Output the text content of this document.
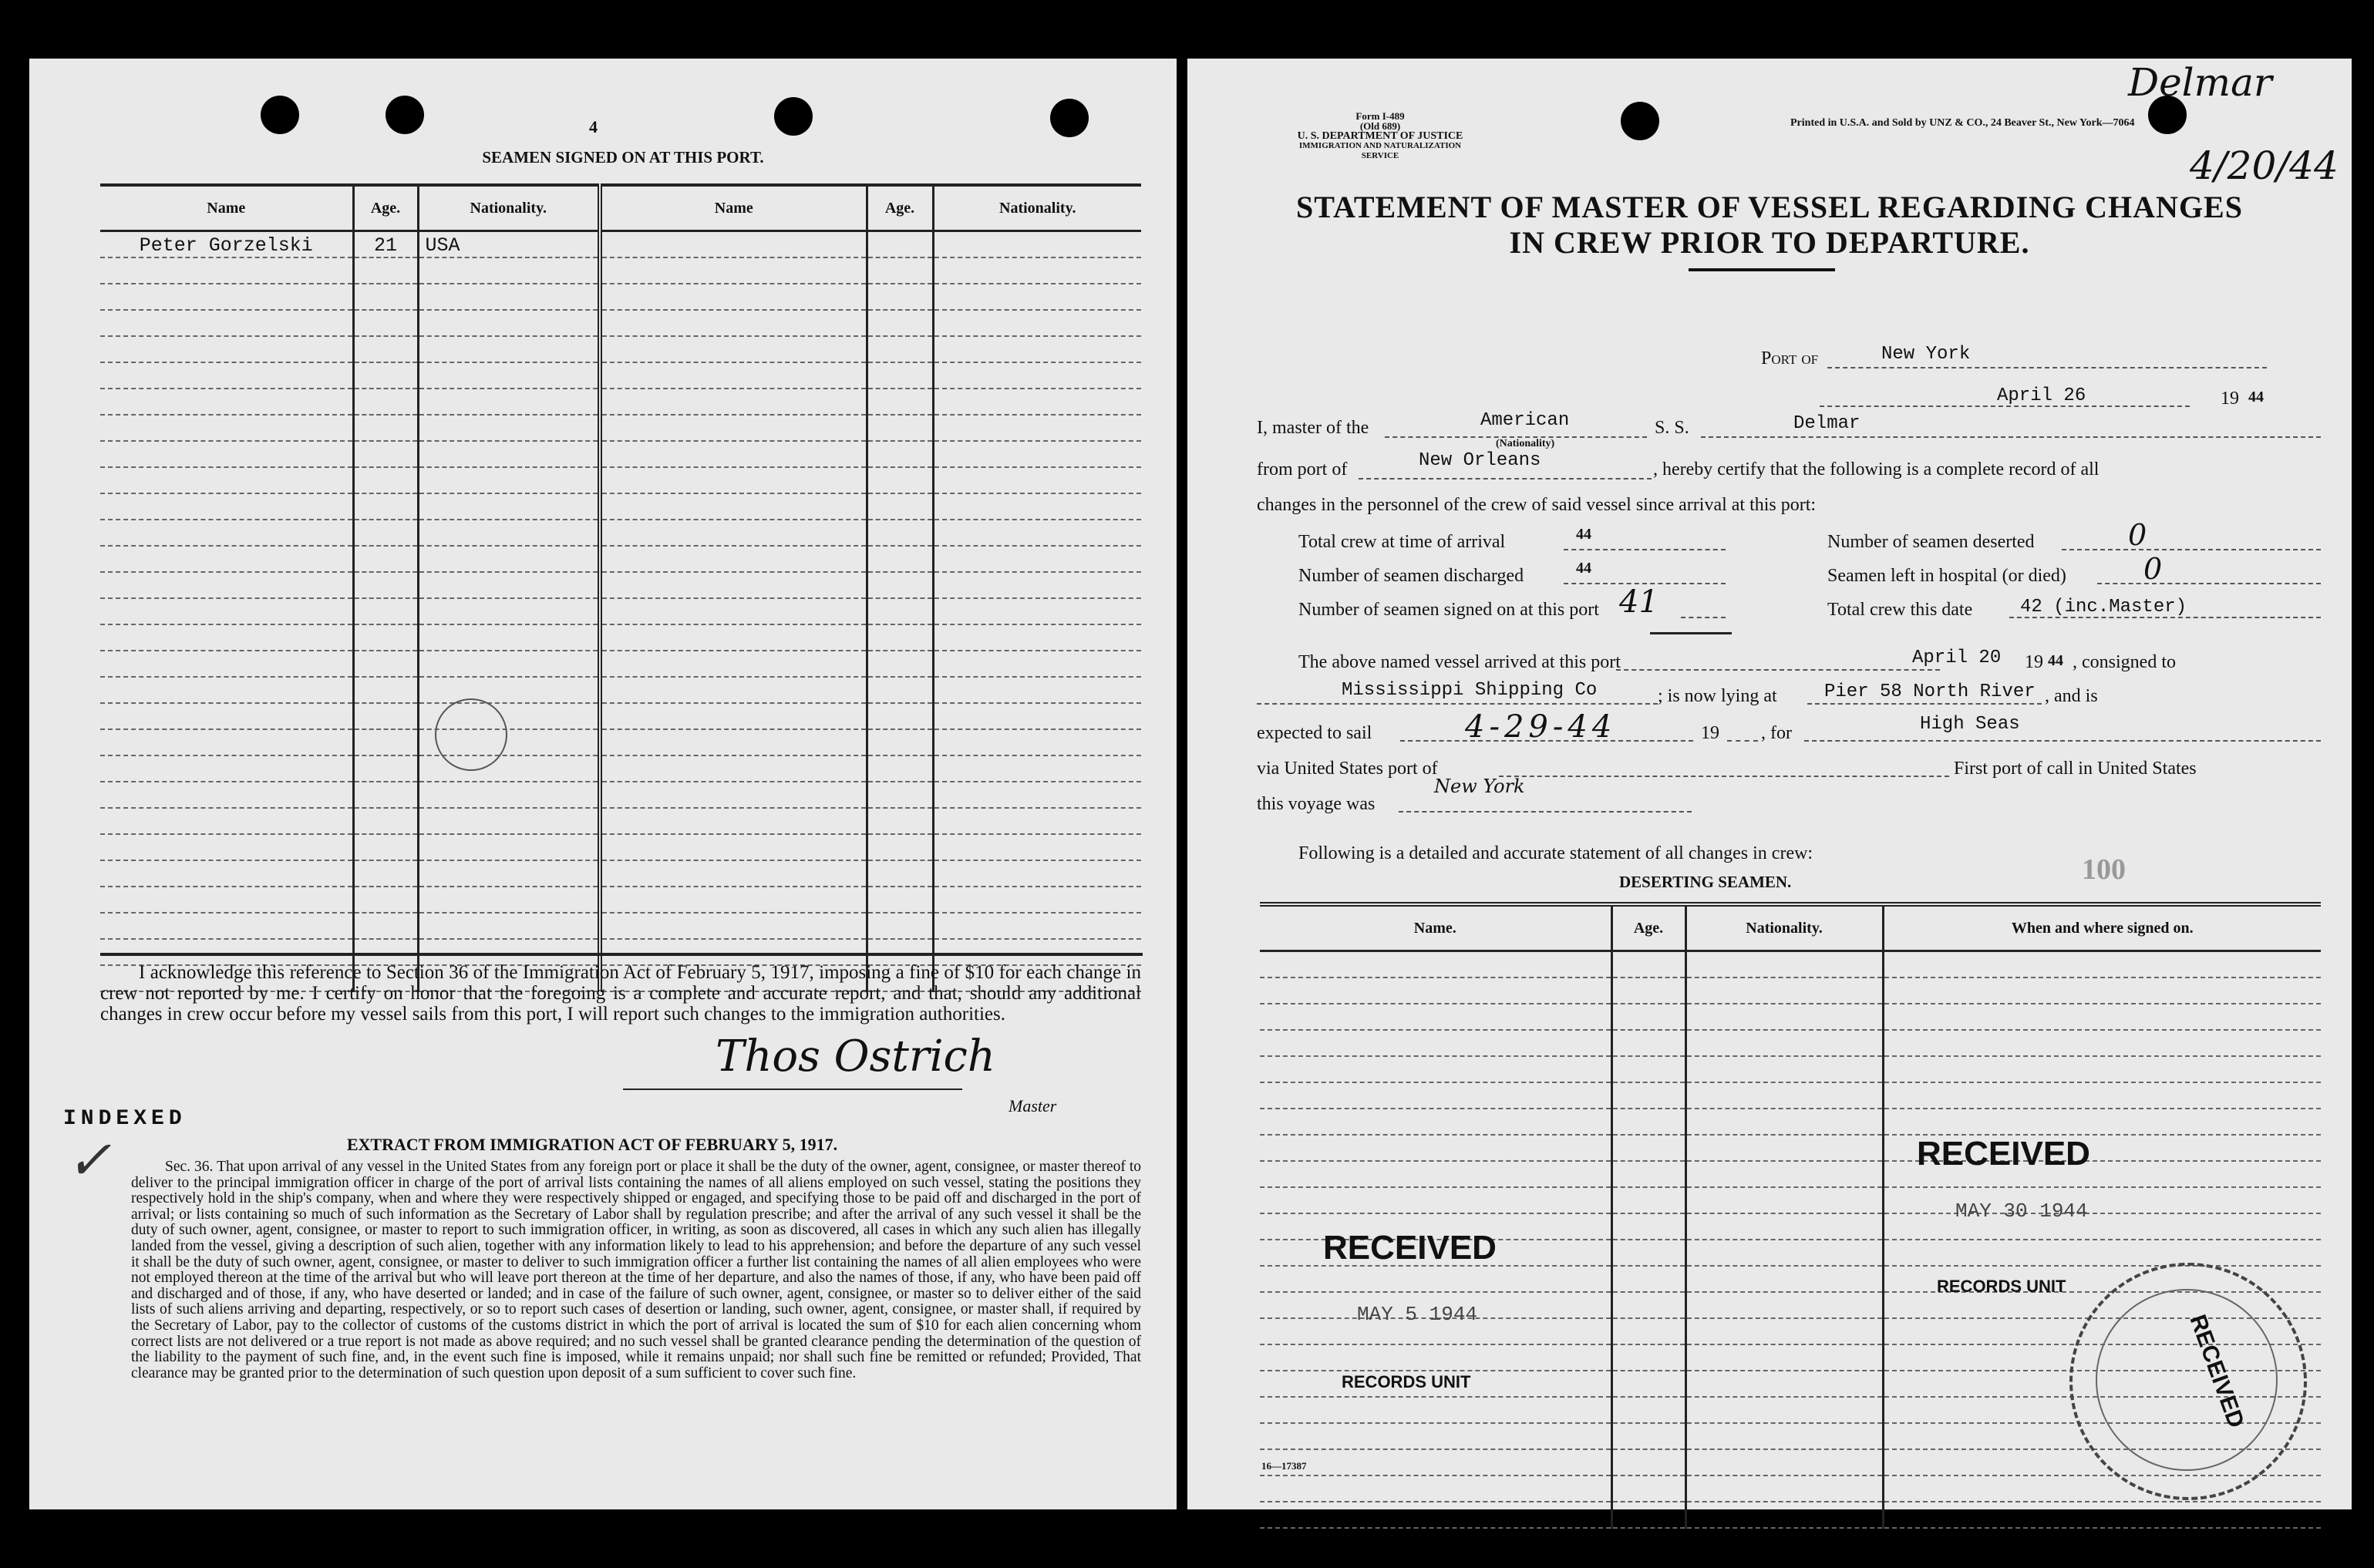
4
SEAMEN SIGNED ON AT THIS PORT.
Name	Age.	Nationality.	Name	Age.	Nationality.
Peter Gorzelski	21	USA			

I acknowledge this reference to Section 36 of the Immigration Act of February 5, 1917, imposing a fine of $10 for each change in crew not reported by me. I certify on honor that the foregoing is a complete and accurate report, and that, should any additional changes in crew occur before my vessel sails from this port, I will report such changes to the immigration authorities.

Thos Ostrich
Master
INDEXED
✓	EXTRACT FROM IMMIGRATION ACT OF FEBRUARY 5, 1917.

Sec. 36. That upon arrival of any vessel in the United States from any foreign port or place it shall be the duty of the owner, agent, consignee, or master thereof to deliver to the principal immigration officer in charge of the port of arrival lists containing the names of all aliens employed on such vessel, stating the positions they respectively hold in the ship's company, when and where they were respectively shipped or engaged, and specifying those to be paid off and discharged in the port of arrival; or lists containing so much of such information as the Secretary of Labor shall by regulation prescribe; and after the arrival of any such vessel it shall be the duty of such owner, agent, consignee, or master to report to such immigration officer, in writing, as soon as discovered, all cases in which any such alien has illegally landed from the vessel, giving a description of such alien, together with any information likely to lead to his apprehension; and before the departure of any such vessel it shall be the duty of such owner, agent, consignee, or master to deliver to such immigration officer a further list containing the names of all alien employees who were not employed thereon at the time of the arrival but who will leave port thereon at the time of her departure, and also the names of those, if any, who have been paid off and discharged and of those, if any, who have deserted or landed; and in case of the failure of such owner, agent, consignee, or master so to deliver either of the said lists of such aliens arriving and departing, respectively, or so to report such cases of desertion or landing, such owner, agent, consignee, or master shall, if required by the Secretary of Labor, pay to the collector of customs of the customs district in which the port of arrival is located the sum of $10 for each alien concerning whom correct lists are not delivered or a true report is not made as above required; and no such vessel shall be granted clearance pending the determination of the question of the liability to the payment of such fine, and, in the event such fine is imposed, while it remains unpaid; nor shall such fine be remitted or refunded; Provided, That clearance may be granted prior to the determination of such question upon deposit of a sum sufficient to cover such fine.

Form I-489
(Old 689)
U. S. DEPARTMENT OF JUSTICE
IMMIGRATION AND NATURALIZATION SERVICE
Printed in U.S.A. and Sold by UNZ & CO., 24 Beaver St., New York—7064
Delmar
4/20/44
STATEMENT OF MASTER OF VESSEL REGARDING CHANGES
IN CREW PRIOR TO DEPARTURE.
Port of	New York
April 26	19 44
I, master of the	American
(Nationality)
S. S.	Delmar
from port of	New Orleans	, hereby certify that the following is a complete record of all
changes in the personnel of the crew of said vessel since arrival at this port:
Total crew at time of arrival	44
Number of seamen discharged	44
Number of seamen signed on at this port 41
Number of seamen deserted	0
Seamen left in hospital (or died)	0
Total crew this date	42 (inc.Master)
The above named vessel arrived at this port	April 20 19 44 , consigned to
Mississippi Shipping Co	; is now lying at	Pier 58 North River , and is
expected to sail	4-29-44	19 , for	High Seas
via United States port of	First port of call in United States
this voyage was
New York
Following is a detailed and accurate statement of all changes in crew:	100
DESERTING SEAMEN.
Name.	Age.	Nationality.	When and where signed on.

RECEIVED
MAY 30 1944
RECORDS UNIT
RECEIVED
MAY 5 1944
RECORDS UNIT	RECEIVED
16—17387
